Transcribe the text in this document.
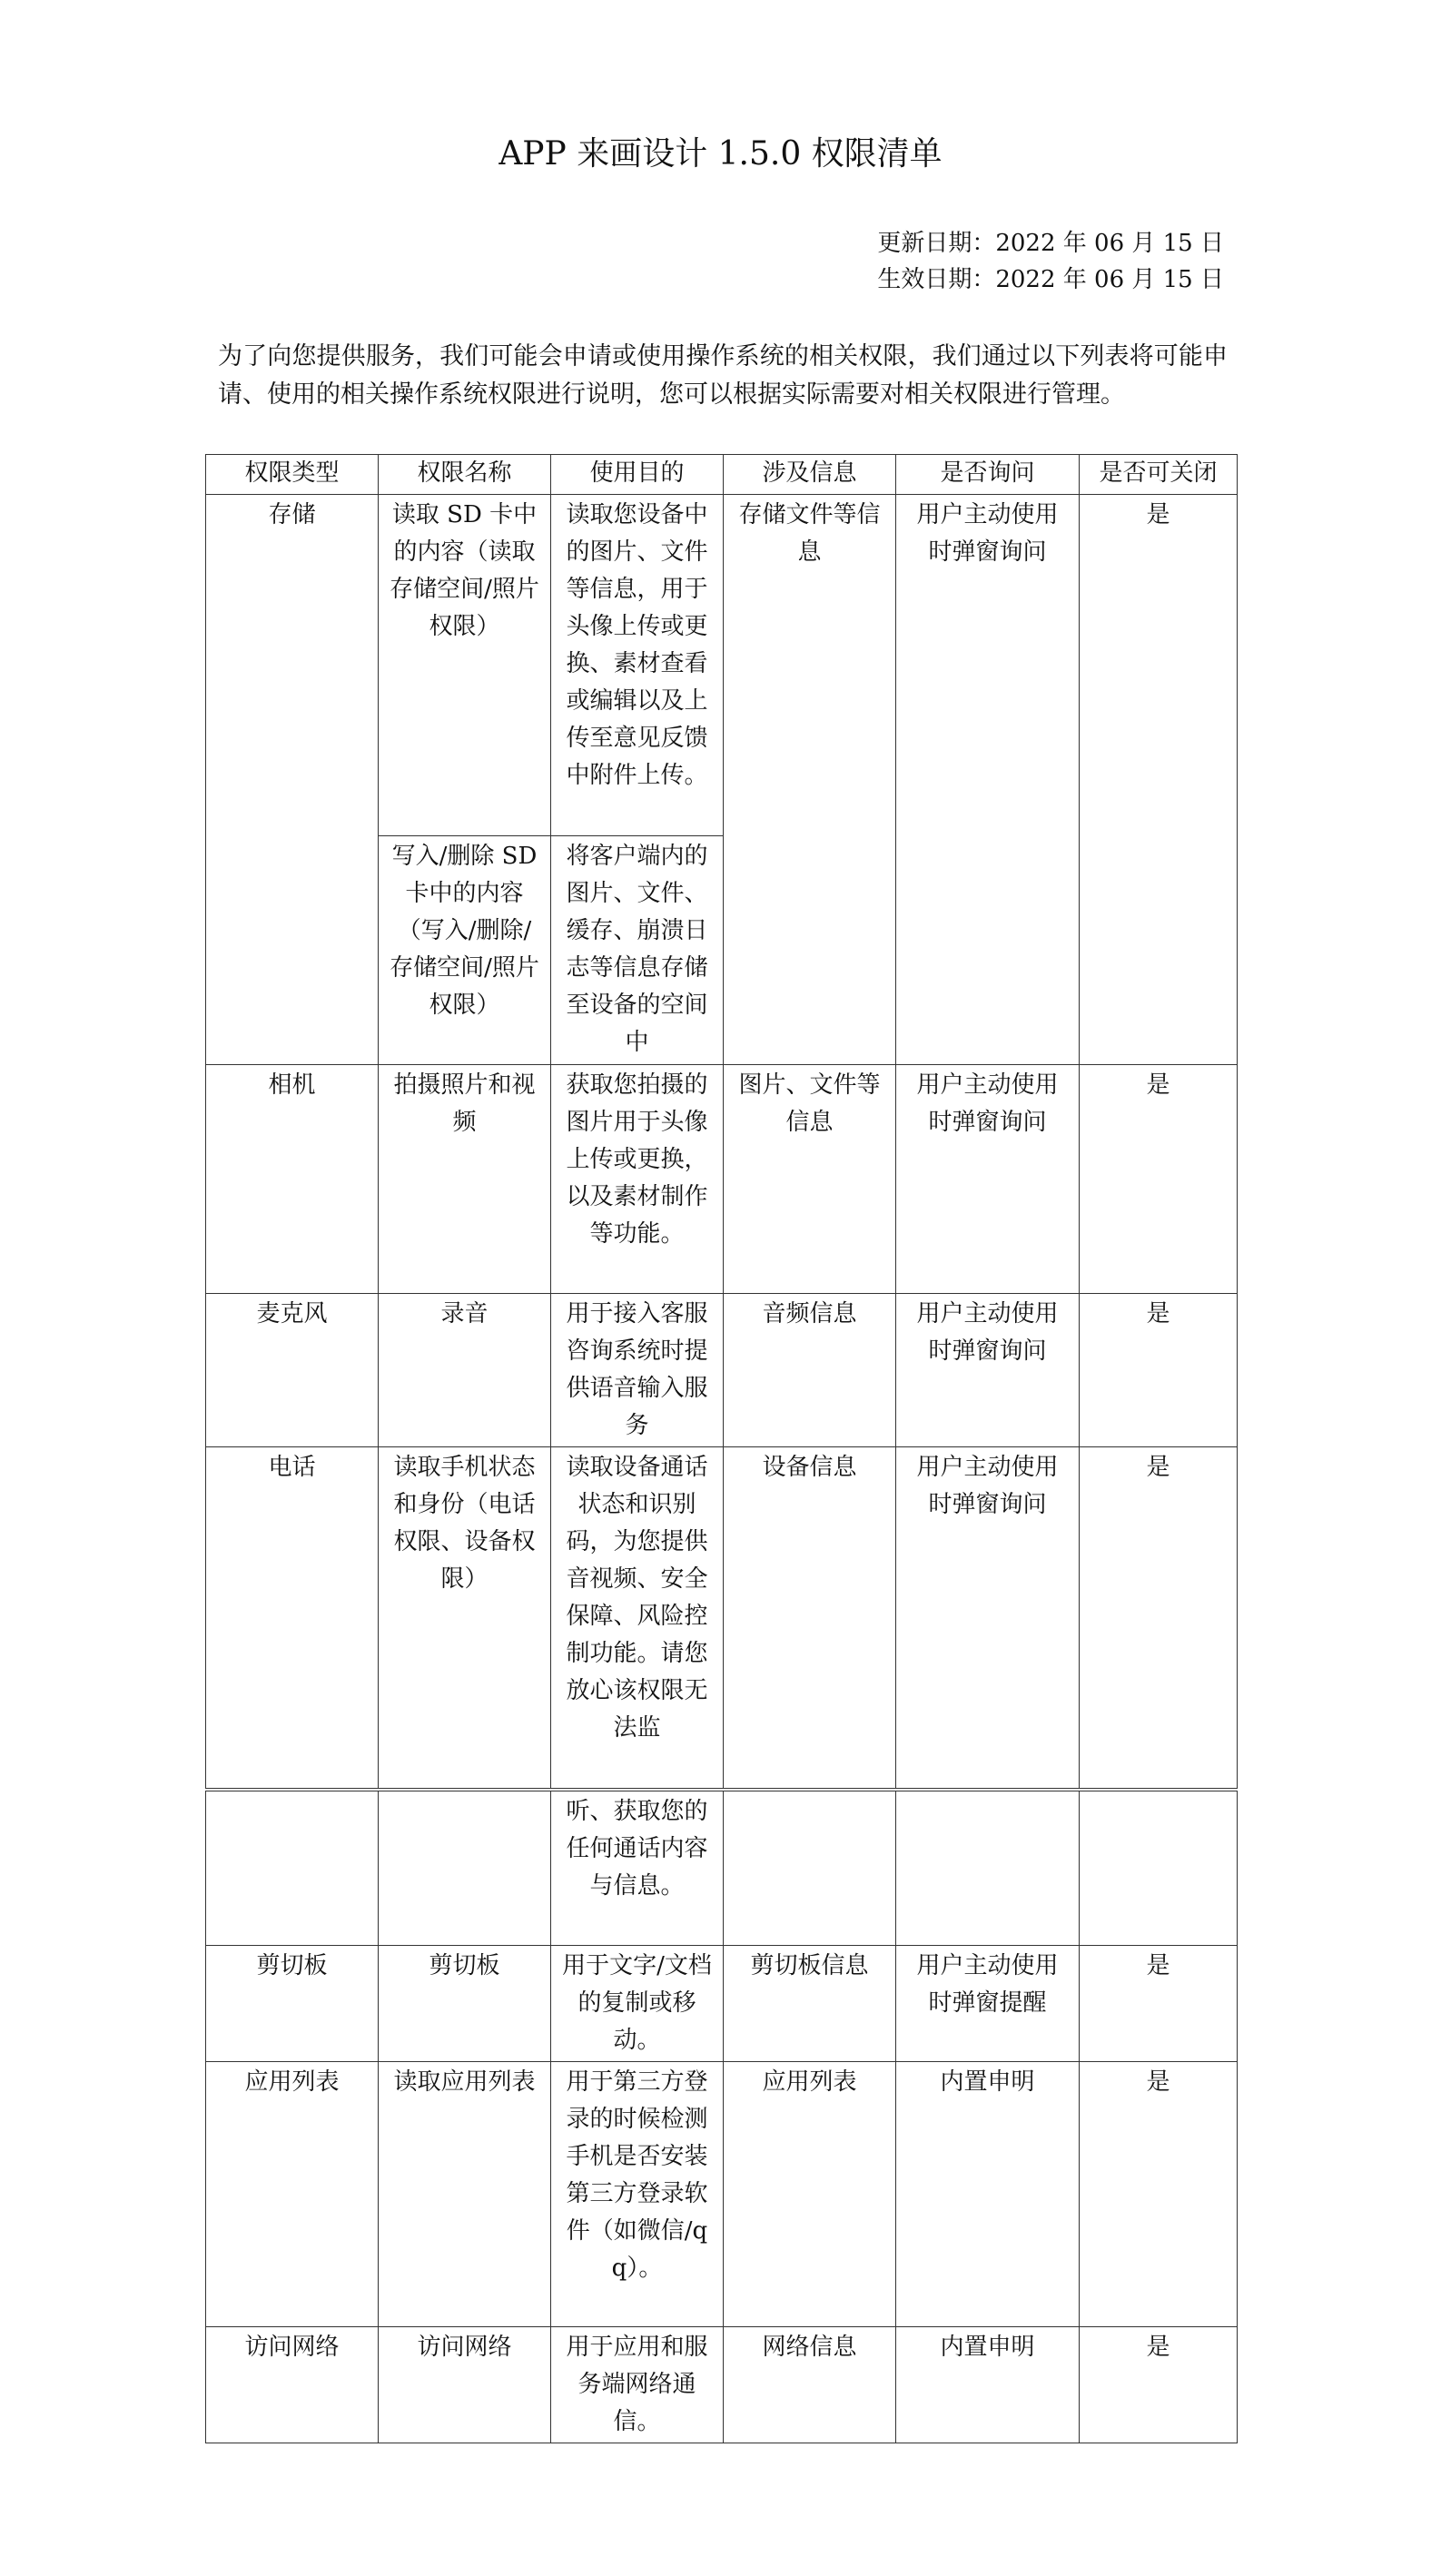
APP 来画设计 1.5.0 权限清单
更新日期：2022 年 06 月 15 日
生效日期：2022 年 06 月 15 日
为了向您提供服务，我们可能会申请或使用操作系统的相关权限，我们通过以下列表将可能申请、使用的相关操作系统权限进行说明，您可以根据实际需要对相关权限进行管理。
权限类型	权限名称	使用目的	涉及信息	是否询问	是否可关闭
存储	读取 SD 卡中的内容（读取存储空间/照片权限）	读取您设备中的图片、文件等信息，用于头像上传或更换、素材查看或编辑以及上传至意见反馈中附件上传。	存储文件等信息	用户主动使用时弹窗询问	是
	写入/删除 SD 卡中的内容（写入/删除/存储空间/照片权限）	将客户端内的图片、文件、缓存、崩溃日志等信息存储至设备的空间中			
相机	拍摄照片和视频	获取您拍摄的图片用于头像上传或更换，以及素材制作等功能。	图片、文件等信息	用户主动使用时弹窗询问	是
麦克风	录音	用于接入客服咨询系统时提供语音输入服务	音频信息	用户主动使用时弹窗询问	是
电话	读取手机状态和身份（电话权限、设备权限）	读取设备通话状态和识别码，为您提供音视频、安全保障、风险控制功能。请您放心该权限无法监	设备信息	用户主动使用时弹窗询问	是
		听、获取您的任何通话内容与信息。			
剪切板	剪切板	用于文字/文档的复制或移动。	剪切板信息	用户主动使用时弹窗提醒	是
应用列表	读取应用列表	用于第三方登录的时候检测手机是否安装第三方登录软件（如微信/qq）。	应用列表	内置申明	是
访问网络	访问网络	用于应用和服务端网络通信。	网络信息	内置申明	是
